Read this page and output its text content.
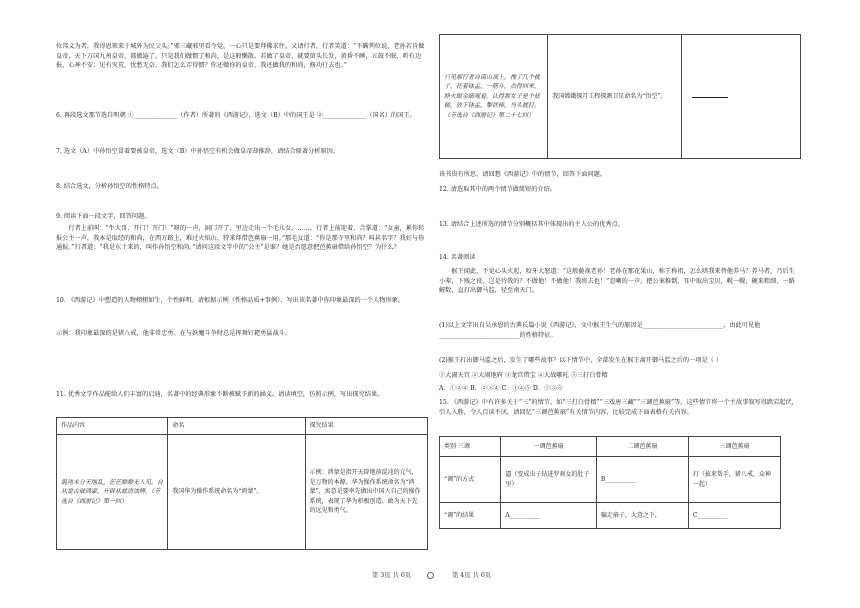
位邦义为者，我得恩领来于城外为民父头。”邪三藏邪里看令觉。一心只是要拜佛求往。又请行者，行者笑道：“不瞒列位说，老孙若肯做皇帝，天下万国九州皇帝，都做遍了。只是我们做惯了和尚，是这般懒散。若做了皇帝，就要留头长发，黄昏不睡，五鼓不眠，听有边报，心神不安；见有灾荒，忧愁无奈。我们怎么弄得惯？你还做你的皇帝，我还做我的和尚，修功行去也。”

6. 再段选文那节选自明朝 ①______________（作者）所著的《西游记》，选文（B）中的国王是 ②______________（国名）的国王。

7. 选文（A）中孙悟空冒着要被皇帝，选文（B）中孙悟空有机会做皇帝却推辞，请结合原著分析原因。

8. 结合选文，分析孙悟空的性格特点。

9. 阅读下面一段文字，回答问题。

行者上前叫：“牛大哥，开门！开门！”呀的一声，洞门开了，里边走出一个毛儿女，……。行者上前迎着，合掌道：“女童，累你转报公主一声，我本是取经的和尚，在西方路上，难过火焰山，特来拜借芭蕉扇一用。”那毛女道：“你是那寺里和尚？叫甚名字？我好与你通报。”行者道：“我是东土来的，叫作孙悟空和尚。”请问这段文字中的“公主”是谁？她是否愿意把芭蕉扇借给孙悟空？为什么？

10. 《西游记》中塑造的人物栩栩如生，个性鲜明。请根据示例（性格品质+事例），写出该名著中你印象最深的一个人物形象。

示例：我印象最深的是猪八戒，他非常忠勇。在与妖魔斗争时总是挥舞钉耙勇猛战斗。

11. 优秀文学作品能给人们丰富的启迪，名著中的经典形象不断被赋予新的涵义。请读填空，仿照示例，写出探究结果。

作品内容	命名	探究结果
混沌未分天地乱，茫茫渺渺无人见。自从盘古破鸿蒙，开辟从兹清浊辨。（节选自《西游记》第一回）	我国华为操作系统命名为“鸿蒙”。	示例：鸿蒙是指开天辟地前混沌的元气，是万物的本源。华为操作系统命名为“鸿蒙”，寓意是要率先做出中国人自己的操作系统，表现了华为积极创造、敢为天下先的远见和勇气。
只见那行者自南山顶上，拽了几个桃子，托着钵盂，一筋斗，点得回来，睁火眼金睛观看，认得那女子是个妖精，放下钵盂，掣铁棒，当头就打。（节选自《西游记》第二十七回）	我国嫦娥探月工程探测卫星命名为“悟空”。	

该书贵有所思，请回想《西游记》中的情节，回答下面问题。

12. 请选取其中的两个情节做简短的介绍。

13. 请结合上述所选的情节分别概括其中体现出的主人公的优秀点。

14. 名著阅读

猴王闻此，不觉心头火起，咬牙大怒道：“这般藐视老孙！老孙在那花果山，称王称祖，怎么哄我来替他养马？养马者，乃后生小辈，下贱之役，岂是待我的？不做他！不做他！我将去也！”忽喇的一声，把公案推倒，耳中取出宝贝，幌一幌，碗来粗细，一路解数，直打出御马监，径至南天门。

(1)以上文字出自吴承恩的古典长篇小说《西游记》，文中猴王生气的原因是__________________________，由此可见他__________________________的性格特征。

(2)猴王打出御马监之后，发生了哪些故事？以下情节中，全部发生在猴王离开御马监之后的一项是（ ）

①大闹天宫 ②大闹地府 ③龙宫借宝 ④大战哪吒 ⑤三打白骨精

A．①②④ B．②③④ C．①④⑤ D．①③⑤

15. 《西游记》中有许多关于“三”的情节，如“三打白骨精”“三戏唐三藏”“三调芭蕉扇”等，这些情节将一个主故事叙写得跌宕起伏，引人入胜，令人百读不厌。请回忆“三调芭蕉扇”有关情节内容，比较完成下面表格有关内容。

类别 三调	一调芭蕉扇	二调芭蕉扇	三调芭蕉扇
“调”的方式	逼（变成虫子钻进罗刹女的肚子里）	B__________	打（拔来帮手，猪八戒，众神一起）
“调”的结果	A__________	骗走扇子，大意之下，	C__________
第 3页 共 6页	第 4页 共 6页
